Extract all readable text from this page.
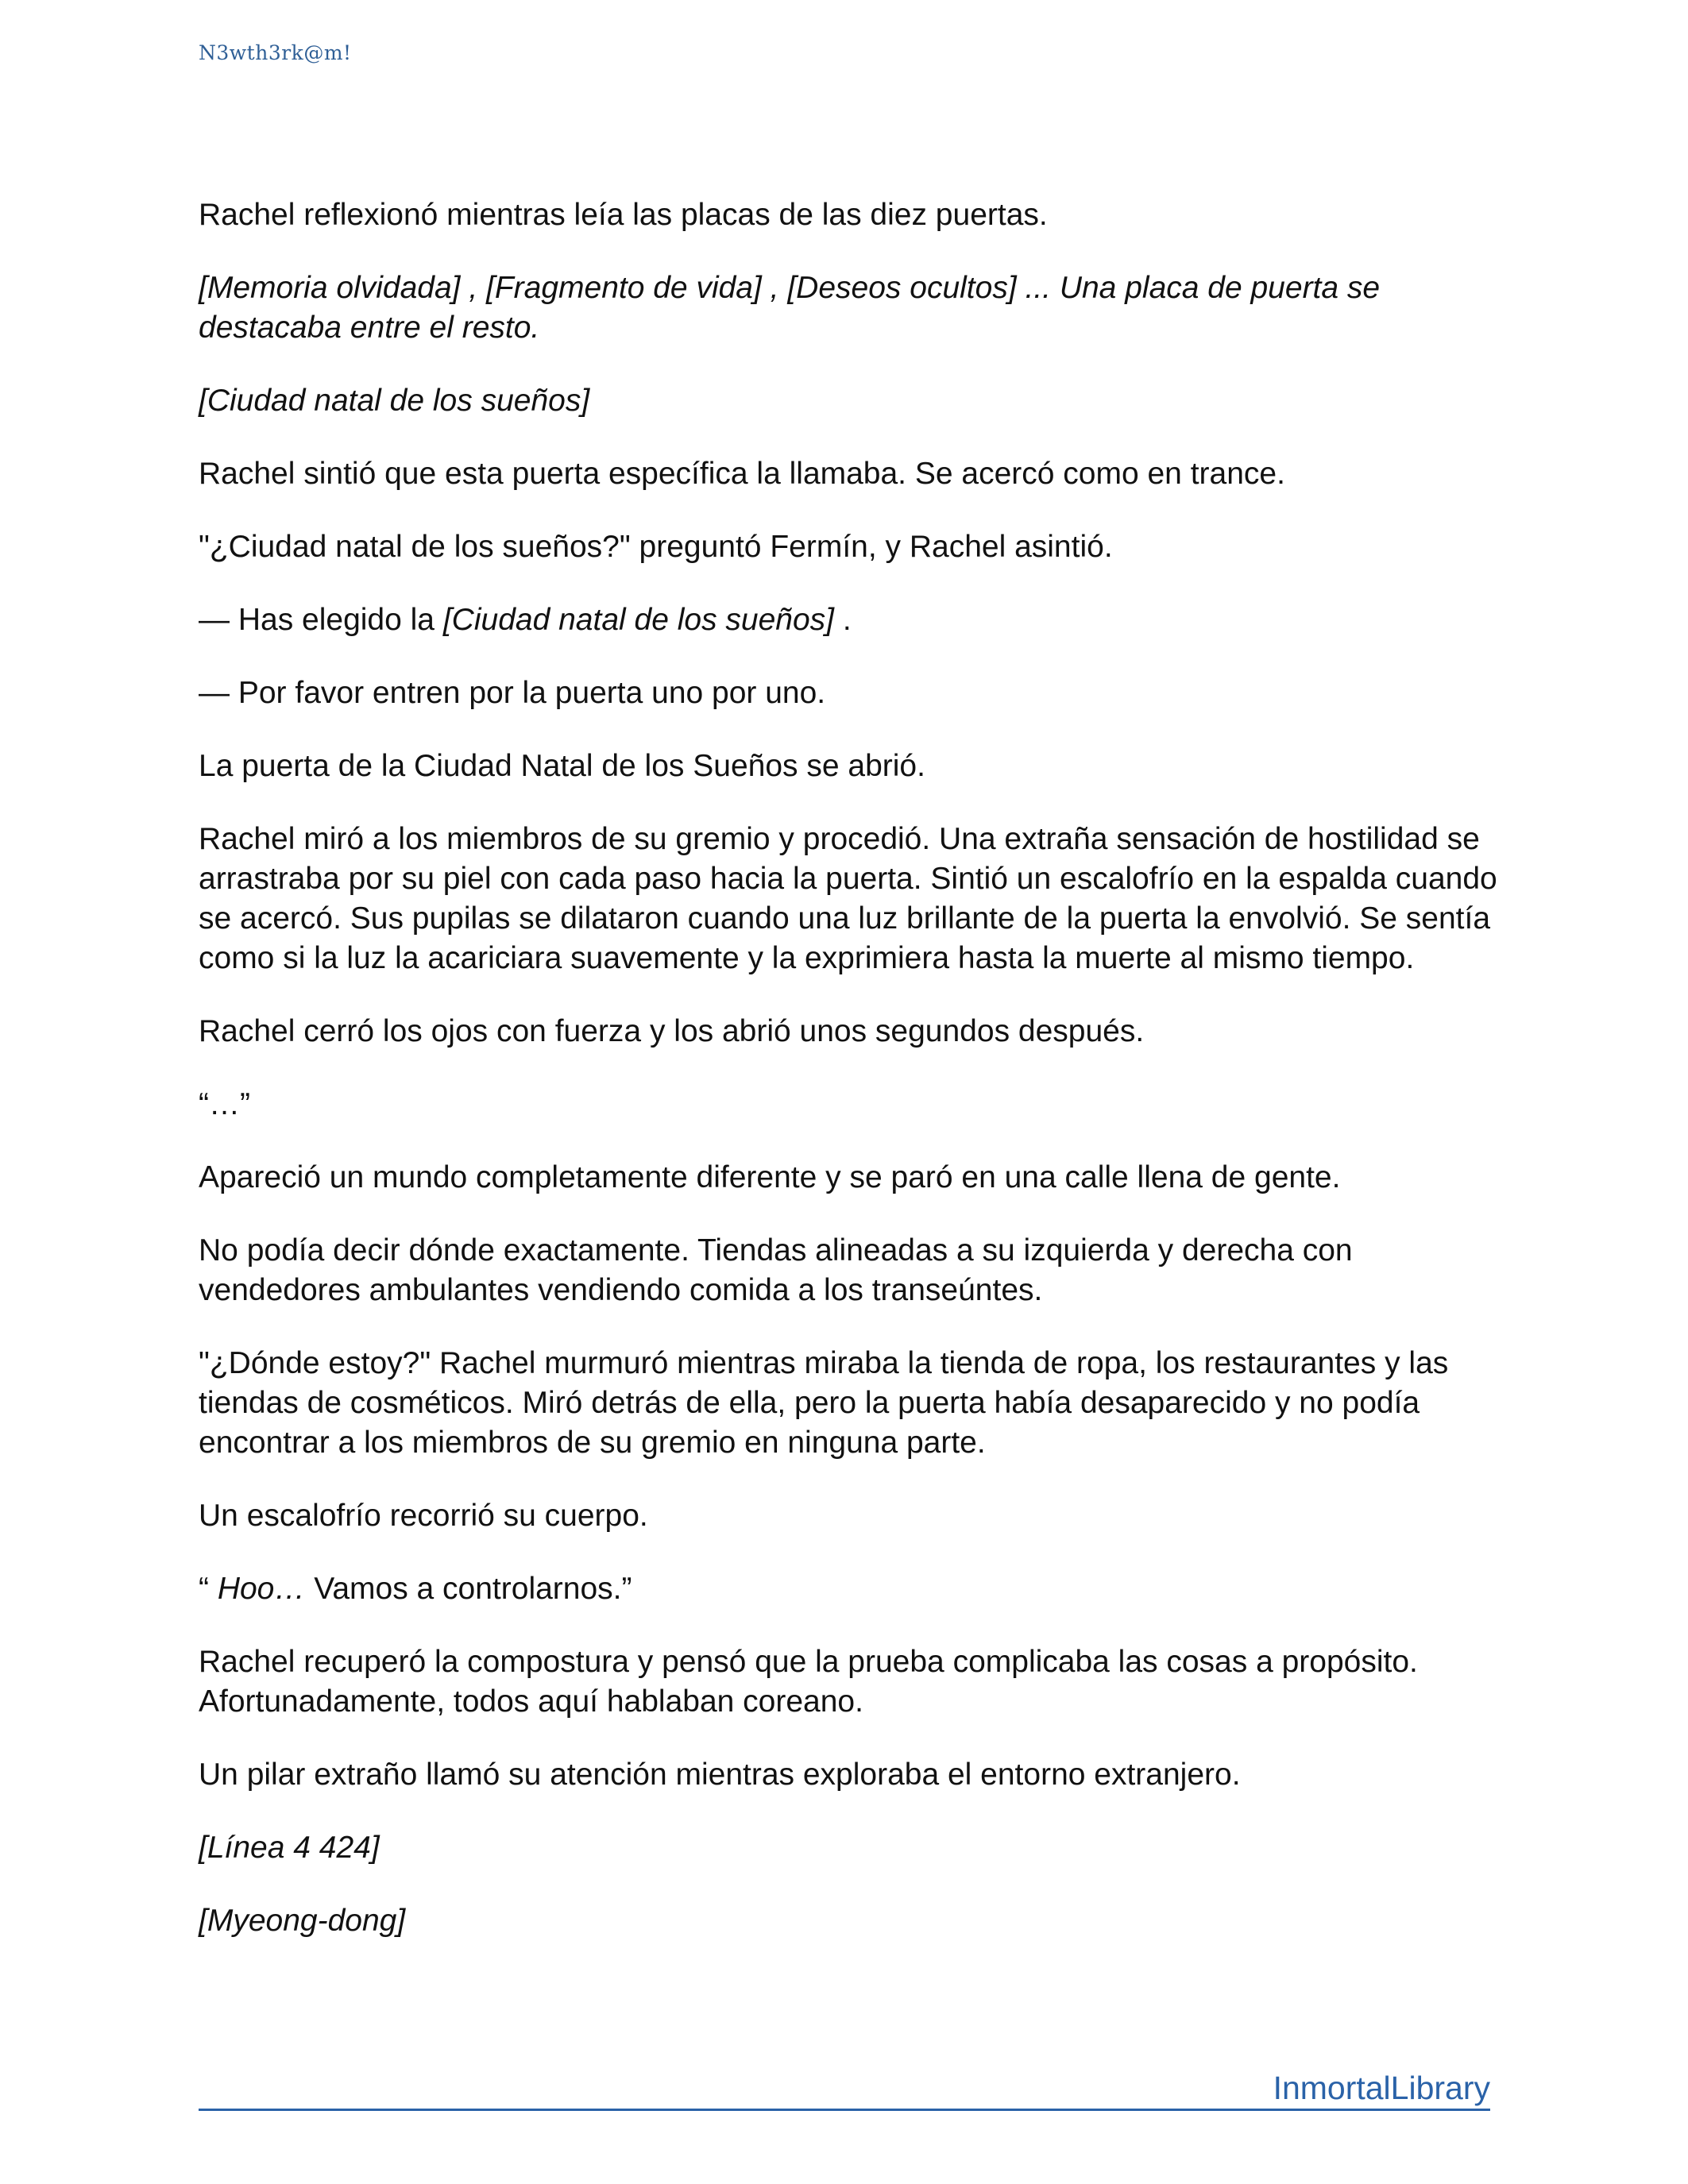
N3wth3rk@m!

Rachel reflexionó mientras leía las placas de las diez puertas.

[Memoria olvidada] , [Fragmento de vida] , [Deseos ocultos] ... Una placa de puerta se destacaba entre el resto.

[Ciudad natal de los sueños]

Rachel sintió que esta puerta específica la llamaba. Se acercó como en trance.

"¿Ciudad natal de los sueños?" preguntó Fermín, y Rachel asintió.

— Has elegido la [Ciudad natal de los sueños] .

— Por favor entren por la puerta uno por uno.

La puerta de la Ciudad Natal de los Sueños se abrió.

Rachel miró a los miembros de su gremio y procedió. Una extraña sensación de hostilidad se arrastraba por su piel con cada paso hacia la puerta. Sintió un escalofrío en la espalda cuando se acercó. Sus pupilas se dilataron cuando una luz brillante de la puerta la envolvió. Se sentía como si la luz la acariciara suavemente y la exprimiera hasta la muerte al mismo tiempo.

Rachel cerró los ojos con fuerza y los abrió unos segundos después.

“…”

Apareció un mundo completamente diferente y se paró en una calle llena de gente.

No podía decir dónde exactamente. Tiendas alineadas a su izquierda y derecha con vendedores ambulantes vendiendo comida a los transeúntes.

"¿Dónde estoy?" Rachel murmuró mientras miraba la tienda de ropa, los restaurantes y las tiendas de cosméticos. Miró detrás de ella, pero la puerta había desaparecido y no podía encontrar a los miembros de su gremio en ninguna parte.

Un escalofrío recorrió su cuerpo.

“ Hoo… Vamos a controlarnos.”

Rachel recuperó la compostura y pensó que la prueba complicaba las cosas a propósito. Afortunadamente, todos aquí hablaban coreano.

Un pilar extraño llamó su atención mientras exploraba el entorno extranjero.

[Línea 4 424]

[Myeong-dong]

InmortalLibrary
